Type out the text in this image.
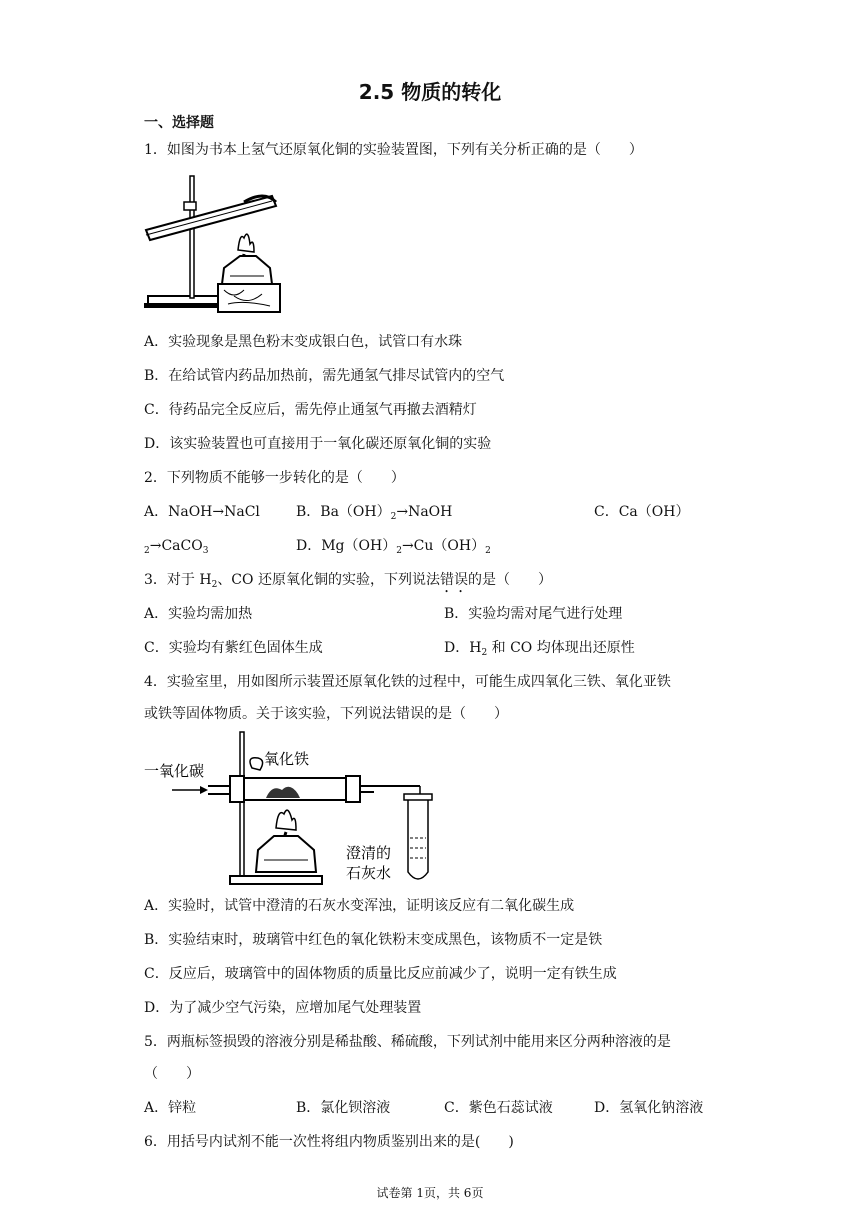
2.5 物质的转化
一、选择题
1．如图为书本上氢气还原氧化铜的实验装置图，下列有关分析正确的是（　　）
A．实验现象是黑色粉末变成银白色，试管口有水珠
B．在给试管内药品加热前，需先通氢气排尽试管内的空气
C．待药品完全反应后，需先停止通氢气再撤去酒精灯
D．该实验装置也可直接用于一氧化碳还原氧化铜的实验
2．下列物质不能够一步转化的是（　　）
A．NaOH→NaCl	B．$Ba(OH)_2\to NaOH$	C．Ca（OH）
$_2$→CaCO$_3$	D．$Mg(OH)_2\to Cu(OH)_2$
3．对于 $H_2$、CO 还原氧化铜的实验，下列说法错误的是（　　）
A．实验均需加热	B．实验均需对尾气进行处理
C．实验均有紫红色固体生成	D．$H_2$ 和 CO 均体现出还原性
4．实验室里，用如图所示装置还原氧化铁的过程中，可能生成四氧化三铁、氧化亚铁
或铁等固体物质。关于该实验，下列说法错误的是（　　）
一氧化碳
氧化铁
澄清的
石灰水
A．实验时，试管中澄清的石灰水变浑浊，证明该反应有二氧化碳生成
B．实验结束时，玻璃管中红色的氧化铁粉末变成黑色，该物质不一定是铁
C．反应后，玻璃管中的固体物质的质量比反应前减少了，说明一定有铁生成
D．为了减少空气污染，应增加尾气处理装置
5．两瓶标签损毁的溶液分别是稀盐酸、稀硫酸，下列试剂中能用来区分两种溶液的是
（　　）
A．锌粒	B．氯化钡溶液	C．紫色石蕊试液	D．氢氧化钠溶液
6．用括号内试剂不能一次性将组内物质鉴别出来的是(　　)
试卷第 1页，共 6页
